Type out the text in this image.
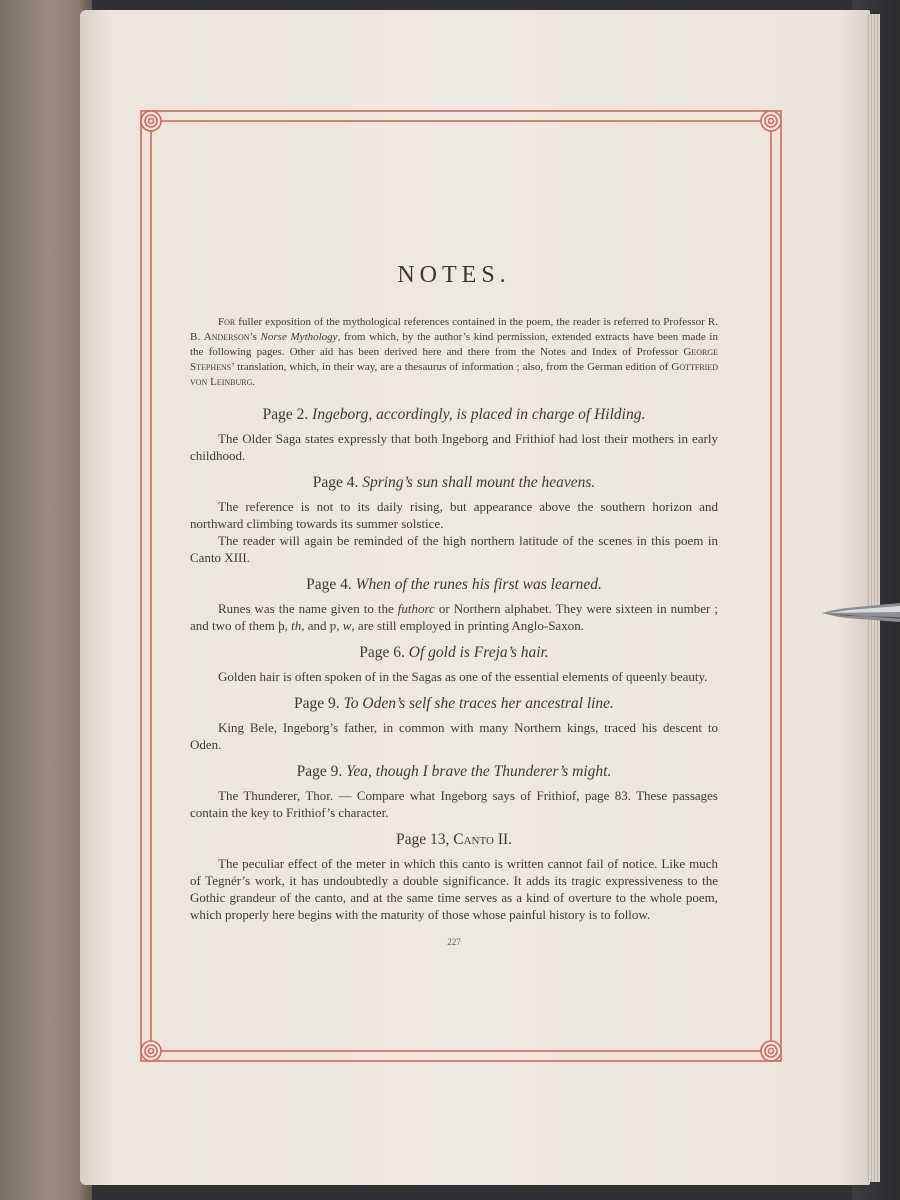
NOTES.

For fuller exposition of the mythological references contained in the poem, the reader is referred to Professor R. B. Anderson’s Norse Mythology, from which, by the author’s kind permission, extended extracts have been made in the following pages. Other aid has been derived here and there from the Notes and Index of Professor George Stephens’ translation, which, in their way, are a thesaurus of information ; also, from the German edition of Gottfried von Leinburg.

Page 2. Ingeborg, accordingly, is placed in charge of Hilding.

The Older Saga states expressly that both Ingeborg and Frithiof had lost their mothers in early childhood.

Page 4. Spring’s sun shall mount the heavens.

The reference is not to its daily rising, but appearance above the southern horizon and northward climbing towards its summer solstice.

The reader will again be reminded of the high northern latitude of the scenes in this poem in Canto XIII.

Page 4. When of the runes his first was learned.

Runes was the name given to the futhorc or Northern alphabet. They were sixteen in number ; and two of them þ, th, and ƿ, w, are still employed in printing Anglo-Saxon.

Page 6. Of gold is Freja’s hair.

Golden hair is often spoken of in the Sagas as one of the essential elements of queenly beauty.

Page 9. To Oden’s self she traces her ancestral line.

King Bele, Ingeborg’s father, in common with many Northern kings, traced his descent to Oden.

Page 9. Yea, though I brave the Thunderer’s might.

The Thunderer, Thor. — Compare what Ingeborg says of Frithiof, page 83. These passages contain the key to Frithiof’s character.

Page 13, Canto II.

The peculiar effect of the meter in which this canto is written cannot fail of notice. Like much of Tegnér’s work, it has undoubtedly a double significance. It adds its tragic expressiveness to the Gothic grandeur of the canto, and at the same time serves as a kind of overture to the whole poem, which properly here begins with the maturity of those whose painful history is to follow.

227
